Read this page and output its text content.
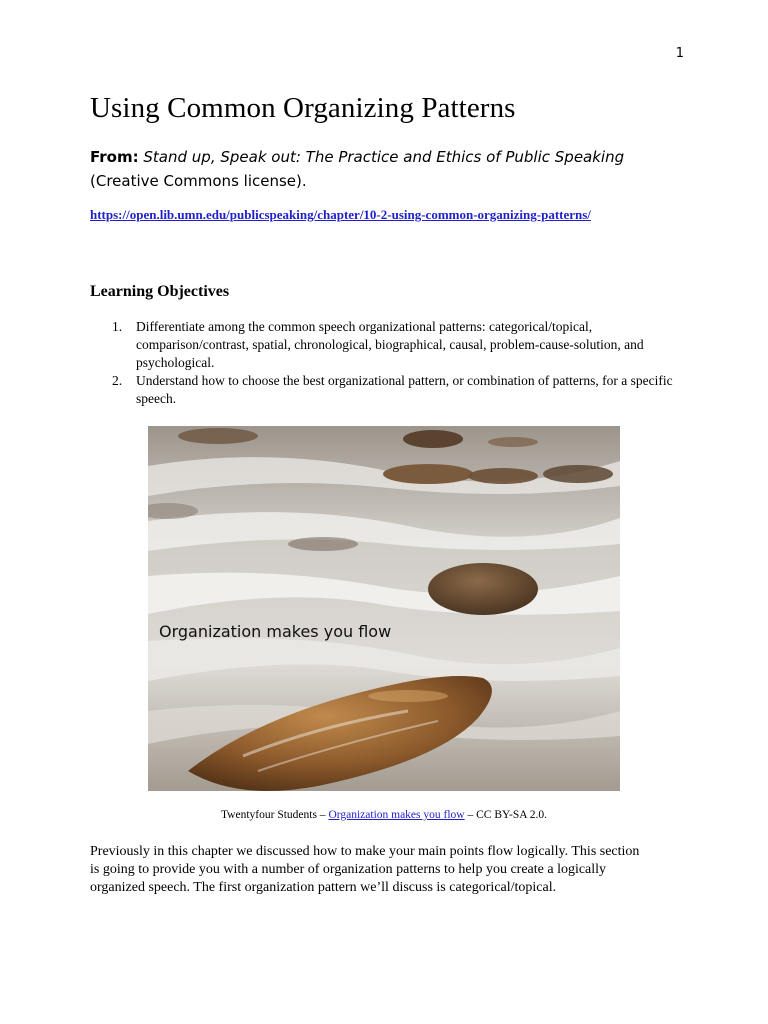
1
Using Common Organizing Patterns
From: Stand up, Speak out: The Practice and Ethics of Public Speaking (Creative Commons license).
https://open.lib.umn.edu/publicspeaking/chapter/10-2-using-common-organizing-patterns/
Learning Objectives
1. Differentiate among the common speech organizational patterns: categorical/topical, comparison/contrast, spatial, chronological, biographical, causal, problem-cause-solution, and psychological.
2. Understand how to choose the best organizational pattern, or combination of patterns, for a specific speech.
Organization makes you flow
Twentyfour Students – Organization makes you flow – CC BY-SA 2.0.

Previously in this chapter we discussed how to make your main points flow logically. This section is going to provide you with a number of organization patterns to help you create a logically organized speech. The first organization pattern we’ll discuss is categorical/topical.
